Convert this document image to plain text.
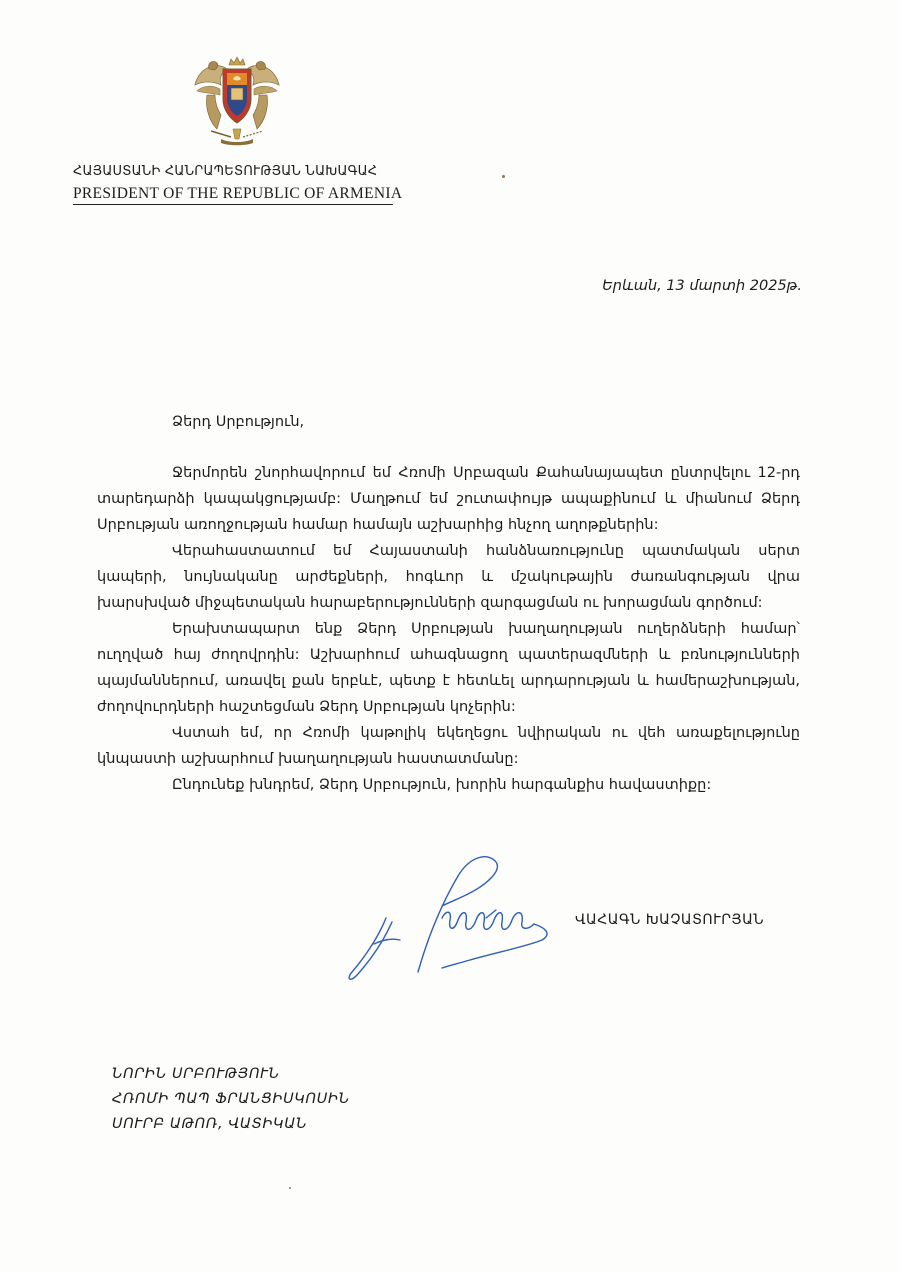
ՀԱՅԱՍՏԱՆԻ ՀԱՆՐԱՊԵՏՈՒԹՅԱՆ ՆԱԽԱԳԱՀ
PRESIDENT OF THE REPUBLIC OF ARMENIA
Երևան, 13 մարտի 2025թ.
Ձերդ Սրբություն,

Ջերմորեն շնորհավորում եմ Հռոմի Սրբազան Քահանայապետ ընտրվելու 12-րդ տարեդարձի կապակցությամբ: Մաղթում եմ շուտափույթ ապաքինում և միանում Ձերդ Սրբության առողջության համար համայն աշխարհից հնչող աղոթքներին:

Վերահաստատում եմ Հայաստանի հանձնառությունը պատմական սերտ կապերի, նույնականը արժեքների, հոգևոր և մշակութային ժառանգության վրա խարսխված միջպետական հարաբերությունների զարգացման ու խորացման գործում:

Երախտապարտ ենք Ձերդ Սրբության խաղաղության ուղերձների համար՝ ուղղված հայ ժողովրդին: Աշխարհում ահագնացող պատերազմների և բռնությունների պայմաններում, առավել քան երբևէ, պետք է հետևել արդարության և համերաշխության, ժողովուրդների հաշտեցման Ձերդ Սրբության կոչերին:

Վստահ եմ, որ Հռոմի կաթոլիկ եկեղեցու նվիրական ու վեհ առաքելությունը կնպաստի աշխարհում խաղաղության հաստատմանը:

Ընդունեք խնդրեմ, Ձերդ Սրբություն, խորին հարգանքիս հավաստիքը:

ՎԱՀԱԳՆ ԽԱՉԱՏՈՒՐՅԱՆ
ՆՈՐԻՆ ՍՐԲՈՒԹՅՈՒՆ
ՀՌՈՄԻ ՊԱՊ ՖՐԱՆՑԻՍԿՈՍԻՆ
ՍՈՒՐԲ ԱԹՈՌ, ՎԱՏԻԿԱՆ
